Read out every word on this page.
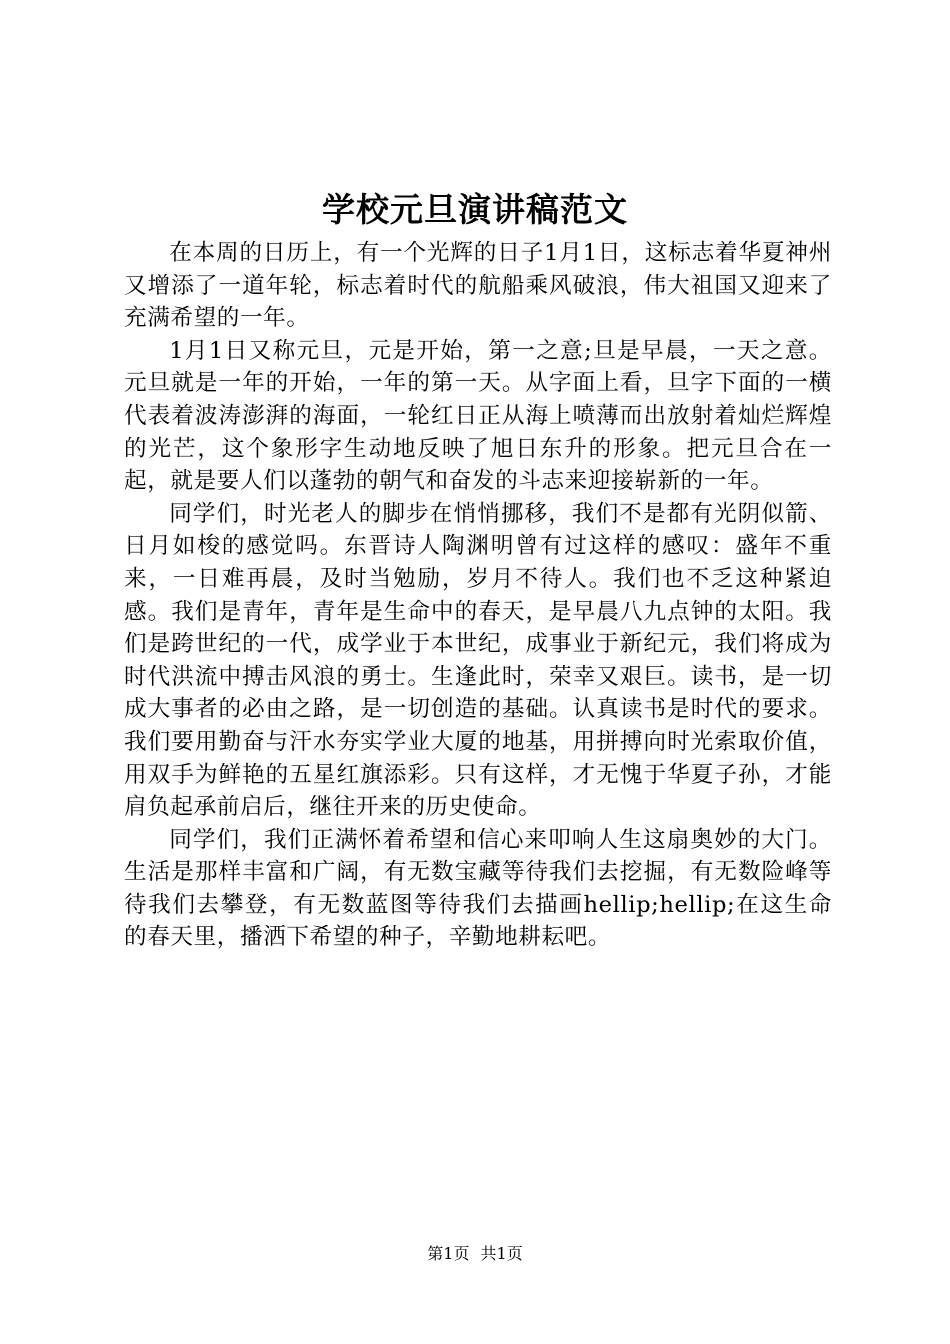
学校元旦演讲稿范文

在本周的日历上，有一个光辉的日子1月1日，这标志着华夏神州又增添了一道年轮，标志着时代的航船乘风破浪，伟大祖国又迎来了充满希望的一年。

1月1日又称元旦，元是开始，第一之意;旦是早晨，一天之意。元旦就是一年的开始，一年的第一天。从字面上看，旦字下面的一横代表着波涛澎湃的海面，一轮红日正从海上喷薄而出放射着灿烂辉煌的光芒，这个象形字生动地反映了旭日东升的形象。把元旦合在一起，就是要人们以蓬勃的朝气和奋发的斗志来迎接崭新的一年。

同学们，时光老人的脚步在悄悄挪移，我们不是都有光阴似箭、日月如梭的感觉吗。东晋诗人陶渊明曾有过这样的感叹：盛年不重来，一日难再晨，及时当勉励，岁月不待人。我们也不乏这种紧迫感。我们是青年，青年是生命中的春天，是早晨八九点钟的太阳。我们是跨世纪的一代，成学业于本世纪，成事业于新纪元，我们将成为时代洪流中搏击风浪的勇士。生逢此时，荣幸又艰巨。读书，是一切成大事者的必由之路，是一切创造的基础。认真读书是时代的要求。我们要用勤奋与汗水夯实学业大厦的地基，用拼搏向时光索取价值，用双手为鲜艳的五星红旗添彩。只有这样，才无愧于华夏子孙，才能肩负起承前启后，继往开来的历史使命。

同学们，我们正满怀着希望和信心来叩响人生这扇奥妙的大门。生活是那样丰富和广阔，有无数宝藏等待我们去挖掘，有无数险峰等待我们去攀登，有无数蓝图等待我们去描画hellip;hellip;在这生命的春天里，播洒下希望的种子，辛勤地耕耘吧。

第1页 共1页
